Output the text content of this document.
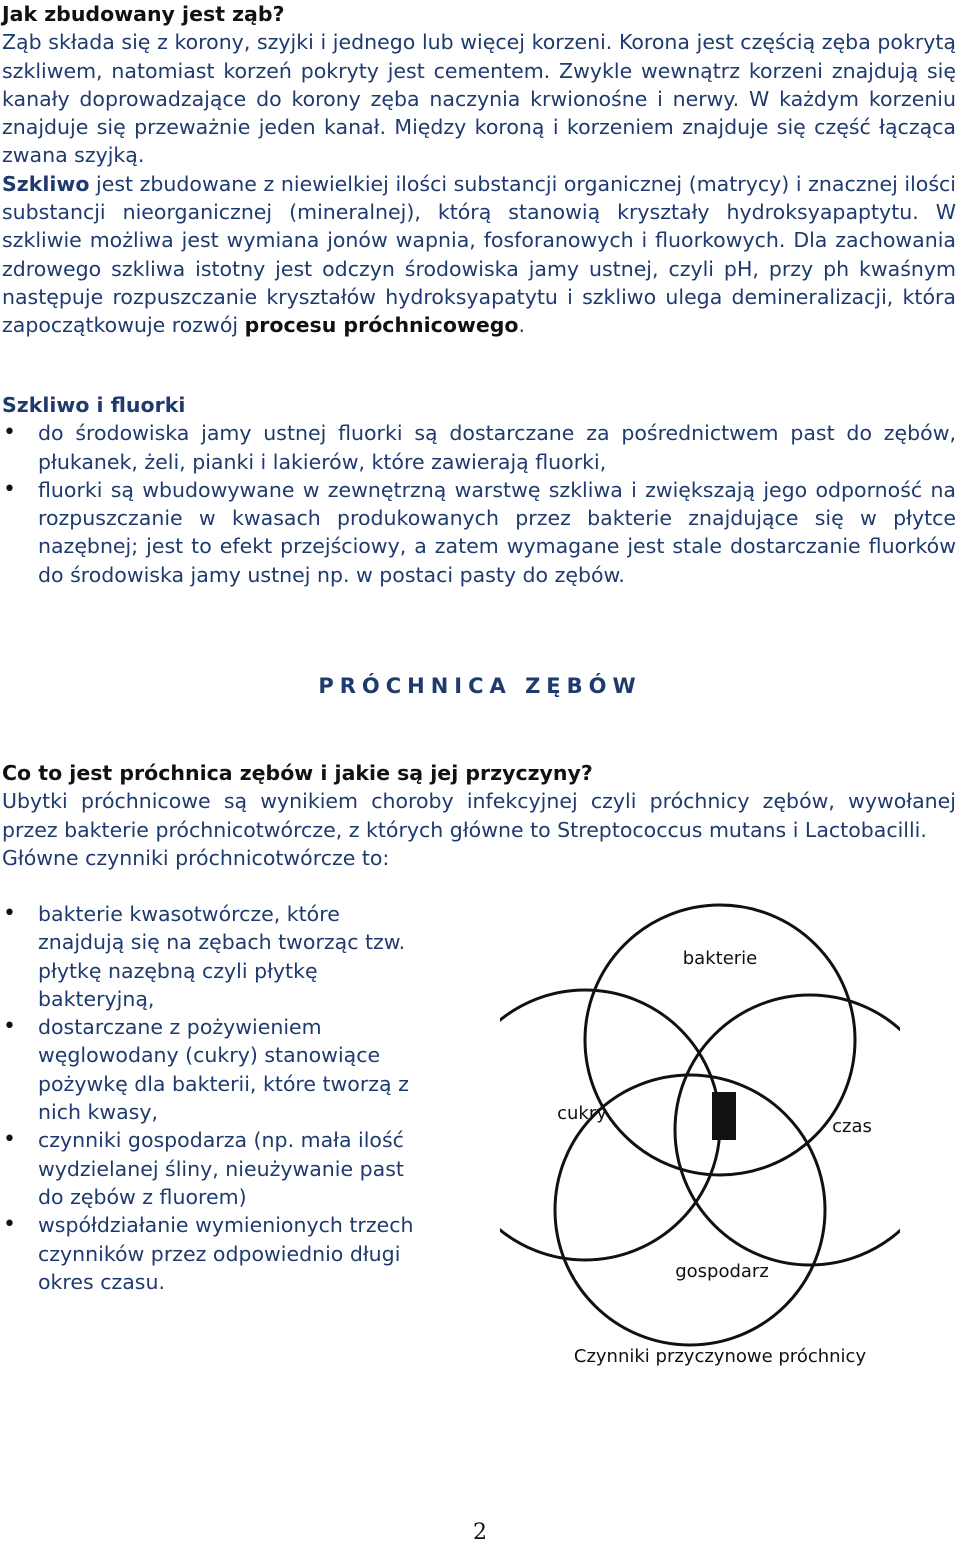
Jak zbudowany jest ząb?
Ząb składa się z korony, szyjki i jednego lub więcej korzeni. Korona jest częścią zęba pokrytą szkliwem, natomiast korzeń pokryty jest cementem. Zwykle wewnątrz korzeni znajdują się kanały doprowadzające do korony zęba naczynia krwionośne i nerwy. W każdym korzeniu znajduje się przeważnie jeden kanał. Między koroną i korzeniem znajduje się część łącząca zwana szyjką.
Szkliwo jest zbudowane z niewielkiej ilości substancji organicznej (matrycy) i znacznej ilości substancji nieorganicznej (mineralnej), którą stanowią kryształy hydroksyapaptytu. W szkliwie możliwa jest wymiana jonów wapnia, fosforanowych i fluorkowych. Dla zachowania zdrowego szkliwa istotny jest odczyn środowiska jamy ustnej, czyli pH, przy ph kwaśnym następuje rozpuszczanie kryształów hydroksyapatytu i szkliwo ulega demineralizacji, która zapoczątkowuje rozwój procesu próchnicowego.
Szkliwo i fluorki
• do środowiska jamy ustnej fluorki są dostarczane za pośrednictwem past do zębów, płukanek, żeli, pianki i lakierów, które zawierają fluorki,
• fluorki są wbudowywane w zewnętrzną warstwę szkliwa i zwiększają jego odporność na rozpuszczanie w kwasach produkowanych przez bakterie znajdujące się w płytce nazębnej; jest to efekt przejściowy, a zatem wymagane jest stale dostarczanie fluorków do środowiska jamy ustnej np. w postaci pasty do zębów.
PRÓCHNICA ZĘBÓW
Co to jest próchnica zębów i jakie są jej przyczyny?
Ubytki próchnicowe są wynikiem choroby infekcyjnej czyli próchnicy zębów, wywołanej przez bakterie próchnicotwórcze, z których główne to Streptococcus mutans i Lactobacilli.
Główne czynniki próchnicotwórcze to:
• bakterie kwasotwórcze, które znajdują się na zębach tworząc tzw. płytkę nazębną czyli płytkę bakteryjną,
• dostarczane z pożywieniem węglowodany (cukry) stanowiące pożywkę dla bakterii, które tworzą z nich kwasy,
• czynniki gospodarza (np. mała ilość wydzielanej śliny, nieużywanie past do zębów z fluorem)
• współdziałanie wymienionych trzech czynników przez odpowiednio długi okres czasu.
bakterie
cukry
czas
gospodarz
Czynniki przyczynowe próchnicy
2
